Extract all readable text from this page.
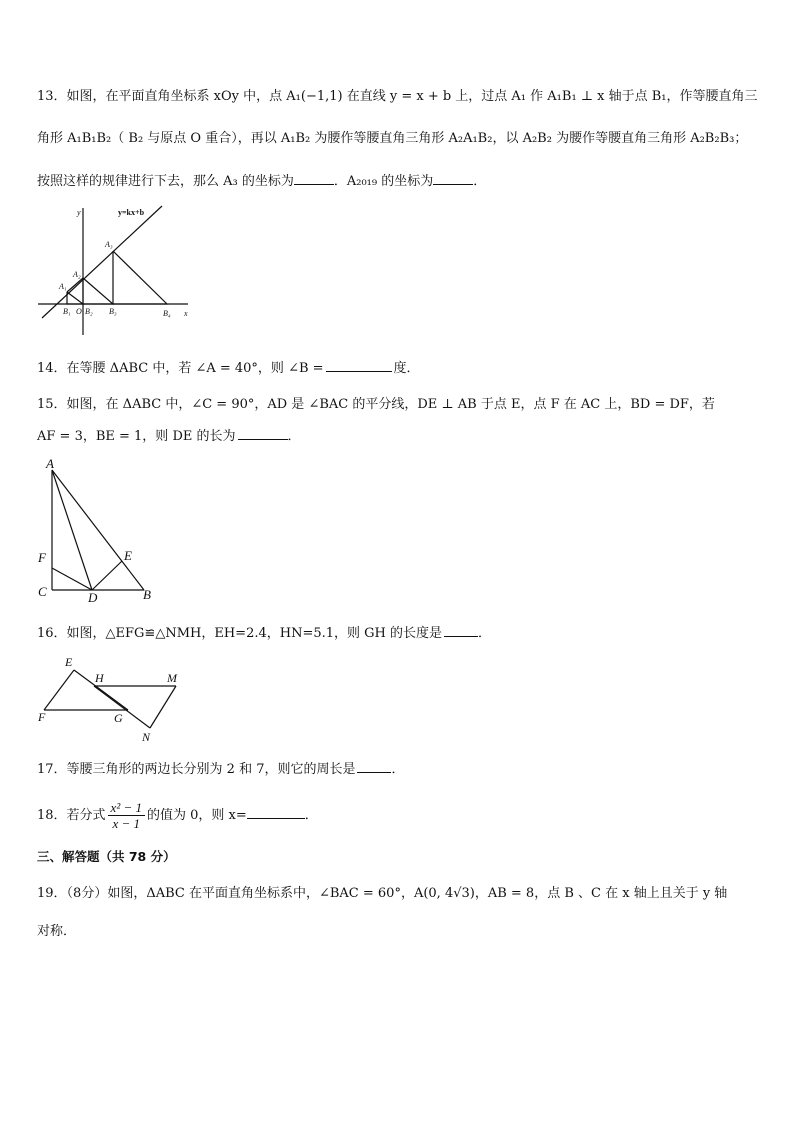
13．如图，在平面直角坐标系 xOy 中，点 A₁(−1,1) 在直线 y = x + b 上，过点 A₁ 作 A₁B₁ ⊥ x 轴于点 B₁，作等腰直角三
角形 A₁B₁B₂（ B₂ 与原点 O 重合），再以 A₁B₂ 为腰作等腰直角三角形 A₂A₁B₂，以 A₂B₂ 为腰作等腰直角三角形 A₂B₂B₃；
按照这样的规律进行下去，那么 A₃ 的坐标为	．A₂₀₁₉ 的坐标为	．
y
x
y=kx+b
A₃
A₂
A₁
B₁ O B₂ B₃	B₄
14．在等腰 ΔABC 中，若 ∠A = 40°，则 ∠B =	度．
15．如图，在 ΔABC 中，∠C = 90°，AD 是 ∠BAC 的平分线，DE ⊥ AB 于点 E，点 F 在 AC 上，BD = DF，若
AF = 3，BE = 1，则 DE 的长为	．
A
F	E
C	D	B
16．如图，△EFG≌△NMH，EH=2.4，HN=5.1，则 GH 的长度是	．
E
H	M
F	G
N
17．等腰三角形的两边长分别为 2 和 7，则它的周长是	．
18．若分式 $\frac{\text{x² − 1}}{x - 1}$ 的值为 0，则 x=	．
三、解答题（共 78 分）
19．（8分）如图，ΔABC 在平面直角坐标系中，∠BAC = 60°，A(0, 4√3)，AB = 8，点 B 、C 在 x 轴上且关于 y 轴
对称．
